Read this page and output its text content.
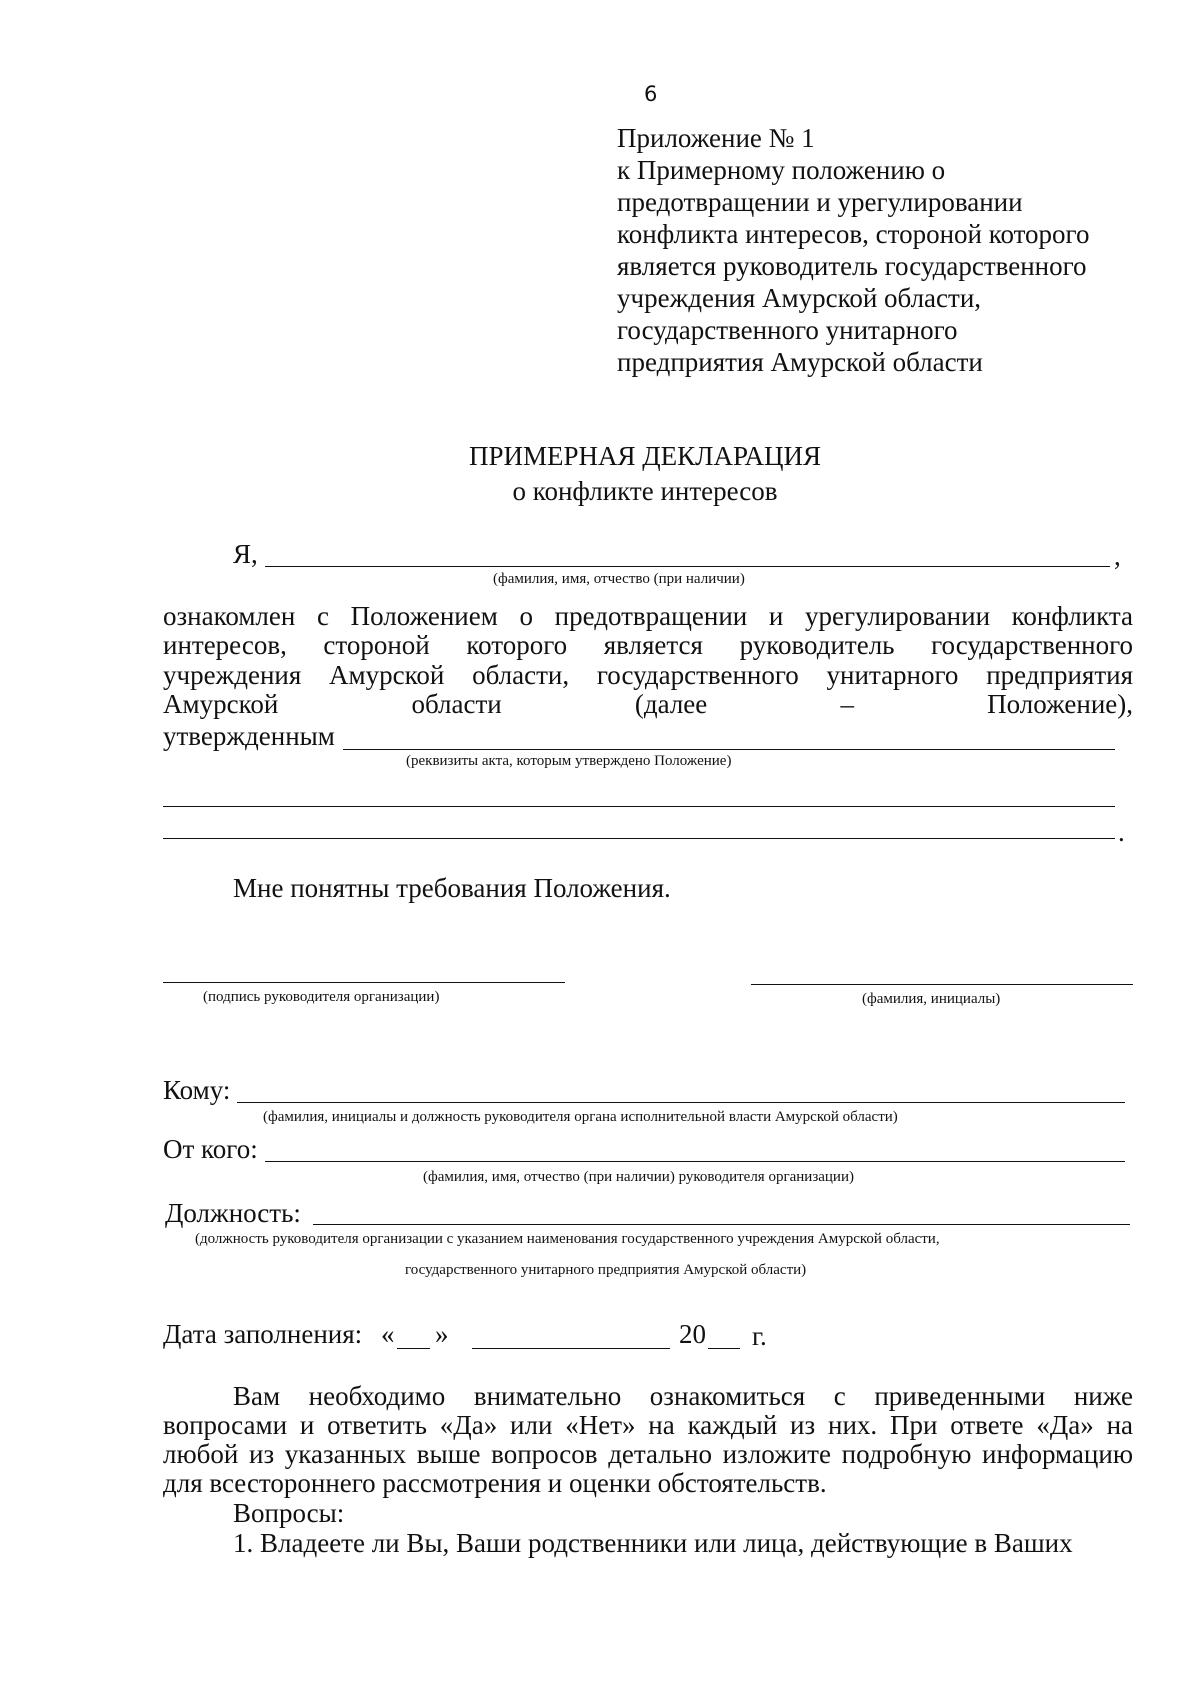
6
Приложение № 1
к Примерному положению о
предотвращении и урегулировании
конфликта интересов, стороной которого
является руководитель государственного
учреждения Амурской области,
государственного унитарного
предприятия Амурской области
ПРИМЕРНАЯ ДЕКЛАРАЦИЯ
о конфликте интересов
Я,	,
(фамилия, имя, отчество (при наличии)
ознакомлен с Положением о предотвращении и урегулировании конфликта
интересов, стороной которого является руководитель государственного
учреждения Амурской области, государственного унитарного предприятия
Амурской области (далее – Положение),
утвержденным
(реквизиты акта, которым утверждено Положение)
.
Мне понятны требования Положения.
(подпись руководителя организации)	(фамилия, инициалы)
Кому:
(фамилия, инициалы и должность руководителя органа исполнительной власти Амурской области)
От кого:
(фамилия, имя, отчество (при наличии) руководителя организации)
Должность:
(должность руководителя организации с указанием наименования государственного учреждения Амурской области,
государственного унитарного предприятия Амурской области)
Дата заполнения: « »	20 г.
Вам необходимо внимательно ознакомиться с приведенными ниже
вопросами и ответить «Да» или «Нет» на каждый из них. При ответе «Да» на
любой из указанных выше вопросов детально изложите подробную информацию
для всестороннего рассмотрения и оценки обстоятельств.
Вопросы:
1. Владеете ли Вы, Ваши родственники или лица, действующие в Ваших
